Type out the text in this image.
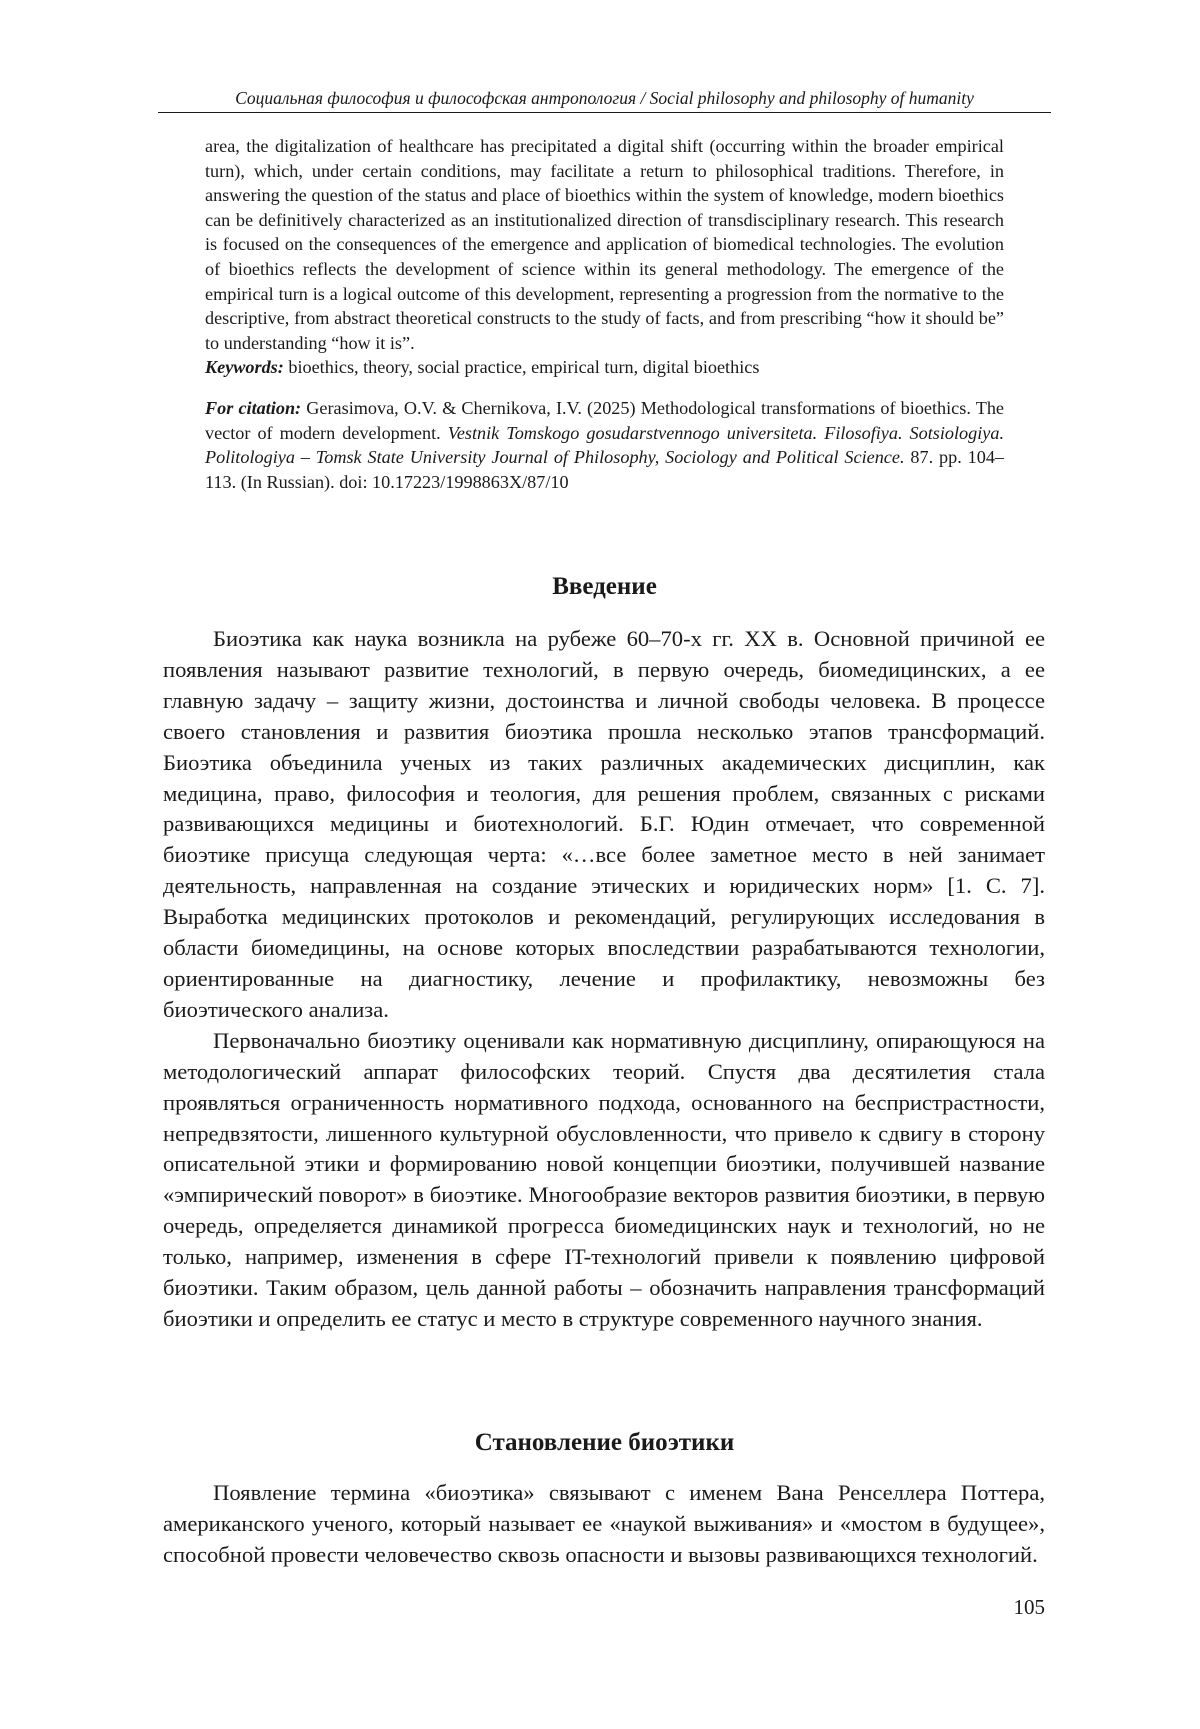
Социальная философия и философская антропология / Social philosophy and philosophy of humanity

area, the digitalization of healthcare has precipitated a digital shift (occurring within the broader empirical turn), which, under certain conditions, may facilitate a return to philosophical traditions. Therefore, in answering the question of the status and place of bioethics within the system of knowledge, modern bioethics can be definitively characterized as an institutionalized direction of transdisciplinary research. This research is focused on the consequences of the emergence and application of biomedical technologies. The evolution of bioethics reflects the development of science within its general methodology. The emergence of the empirical turn is a logical outcome of this development, representing a progression from the normative to the descriptive, from abstract theoretical constructs to the study of facts, and from prescribing “how it should be” to understanding “how it is”.

Keywords: bioethics, theory, social practice, empirical turn, digital bioethics

For citation: Gerasimova, O.V. & Chernikova, I.V. (2025) Methodological transformations of bioethics. The vector of modern development. Vestnik Tomskogo gosudarstvennogo universiteta. Filosofiya. Sotsiologiya. Politologiya – Tomsk State University Journal of Philosophy, Sociology and Political Science. 87. pp. 104–113. (In Russian). doi: 10.17223/1998863X/87/10

Введение

Биоэтика как наука возникла на рубеже 60–70-х гг. XX в. Основной причиной ее появления называют развитие технологий, в первую очередь, биомедицинских, а ее главную задачу – защиту жизни, достоинства и личной свободы человека. В процессе своего становления и развития биоэтика прошла несколько этапов трансформаций. Биоэтика объединила ученых из таких различных академических дисциплин, как медицина, право, философия и теология, для решения проблем, связанных с рисками развивающихся медицины и биотехнологий. Б.Г. Юдин отмечает, что современной биоэтике присуща следующая черта: «…все более заметное место в ней занимает деятельность, направленная на создание этических и юридических норм» [1. С. 7]. Выработка медицинских протоколов и рекомендаций, регулирующих исследования в области биомедицины, на основе которых впоследствии разрабатываются технологии, ориентированные на диагностику, лечение и профилактику, невозможны без биоэтического анализа.

Первоначально биоэтику оценивали как нормативную дисциплину, опирающуюся на методологический аппарат философских теорий. Спустя два десятилетия стала проявляться ограниченность нормативного подхода, основанного на беспристрастности, непредвзятости, лишенного культурной обусловленности, что привело к сдвигу в сторону описательной этики и формированию новой концепции биоэтики, получившей название «эмпирический поворот» в биоэтике. Многообразие векторов развития биоэтики, в первую очередь, определяется динамикой прогресса биомедицинских наук и технологий, но не только, например, изменения в сфере IT-технологий привели к появлению цифровой биоэтики. Таким образом, цель данной работы – обозначить направления трансформаций биоэтики и определить ее статус и место в структуре современного научного знания.

Становление биоэтики

Появление термина «биоэтика» связывают с именем Вана Ренселлера Поттера, американского ученого, который называет ее «наукой выживания» и «мостом в будущее», способной провести человечество сквозь опасности и вызовы развивающихся технологий.

105
